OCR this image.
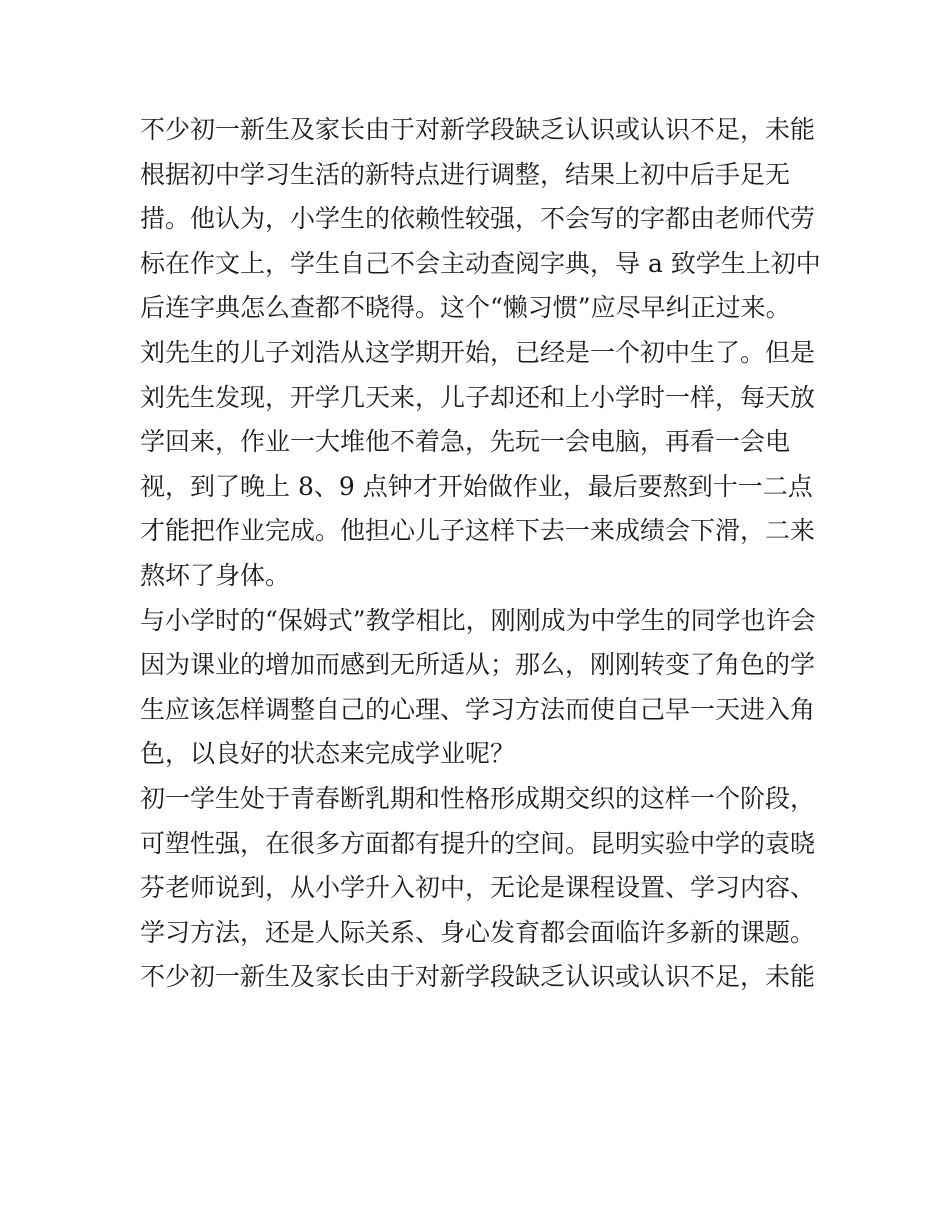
不少初一新生及家长由于对新学段缺乏认识或认识不足，未能
根据初中学习生活的新特点进行调整，结果上初中后手足无
措。他认为，小学生的依赖性较强，不会写的字都由老师代劳
标在作文上，学生自己不会主动查阅字典，导 a 致学生上初中
后连字典怎么查都不晓得。这个“懒习惯”应尽早纠正过来。
刘先生的儿子刘浩从这学期开始，已经是一个初中生了。但是
刘先生发现，开学几天来，儿子却还和上小学时一样，每天放
学回来，作业一大堆他不着急，先玩一会电脑，再看一会电
视，到了晚上 8、9 点钟才开始做作业，最后要熬到十一二点
才能把作业完成。他担心儿子这样下去一来成绩会下滑，二来
熬坏了身体。
与小学时的“保姆式”教学相比，刚刚成为中学生的同学也许会
因为课业的增加而感到无所适从；那么，刚刚转变了角色的学
生应该怎样调整自己的心理、学习方法而使自己早一天进入角
色，以良好的状态来完成学业呢？
初一学生处于青春断乳期和性格形成期交织的这样一个阶段，
可塑性强，在很多方面都有提升的空间。昆明实验中学的袁晓
芬老师说到，从小学升入初中，无论是课程设置、学习内容、
学习方法，还是人际关系、身心发育都会面临许多新的课题。
不少初一新生及家长由于对新学段缺乏认识或认识不足，未能
